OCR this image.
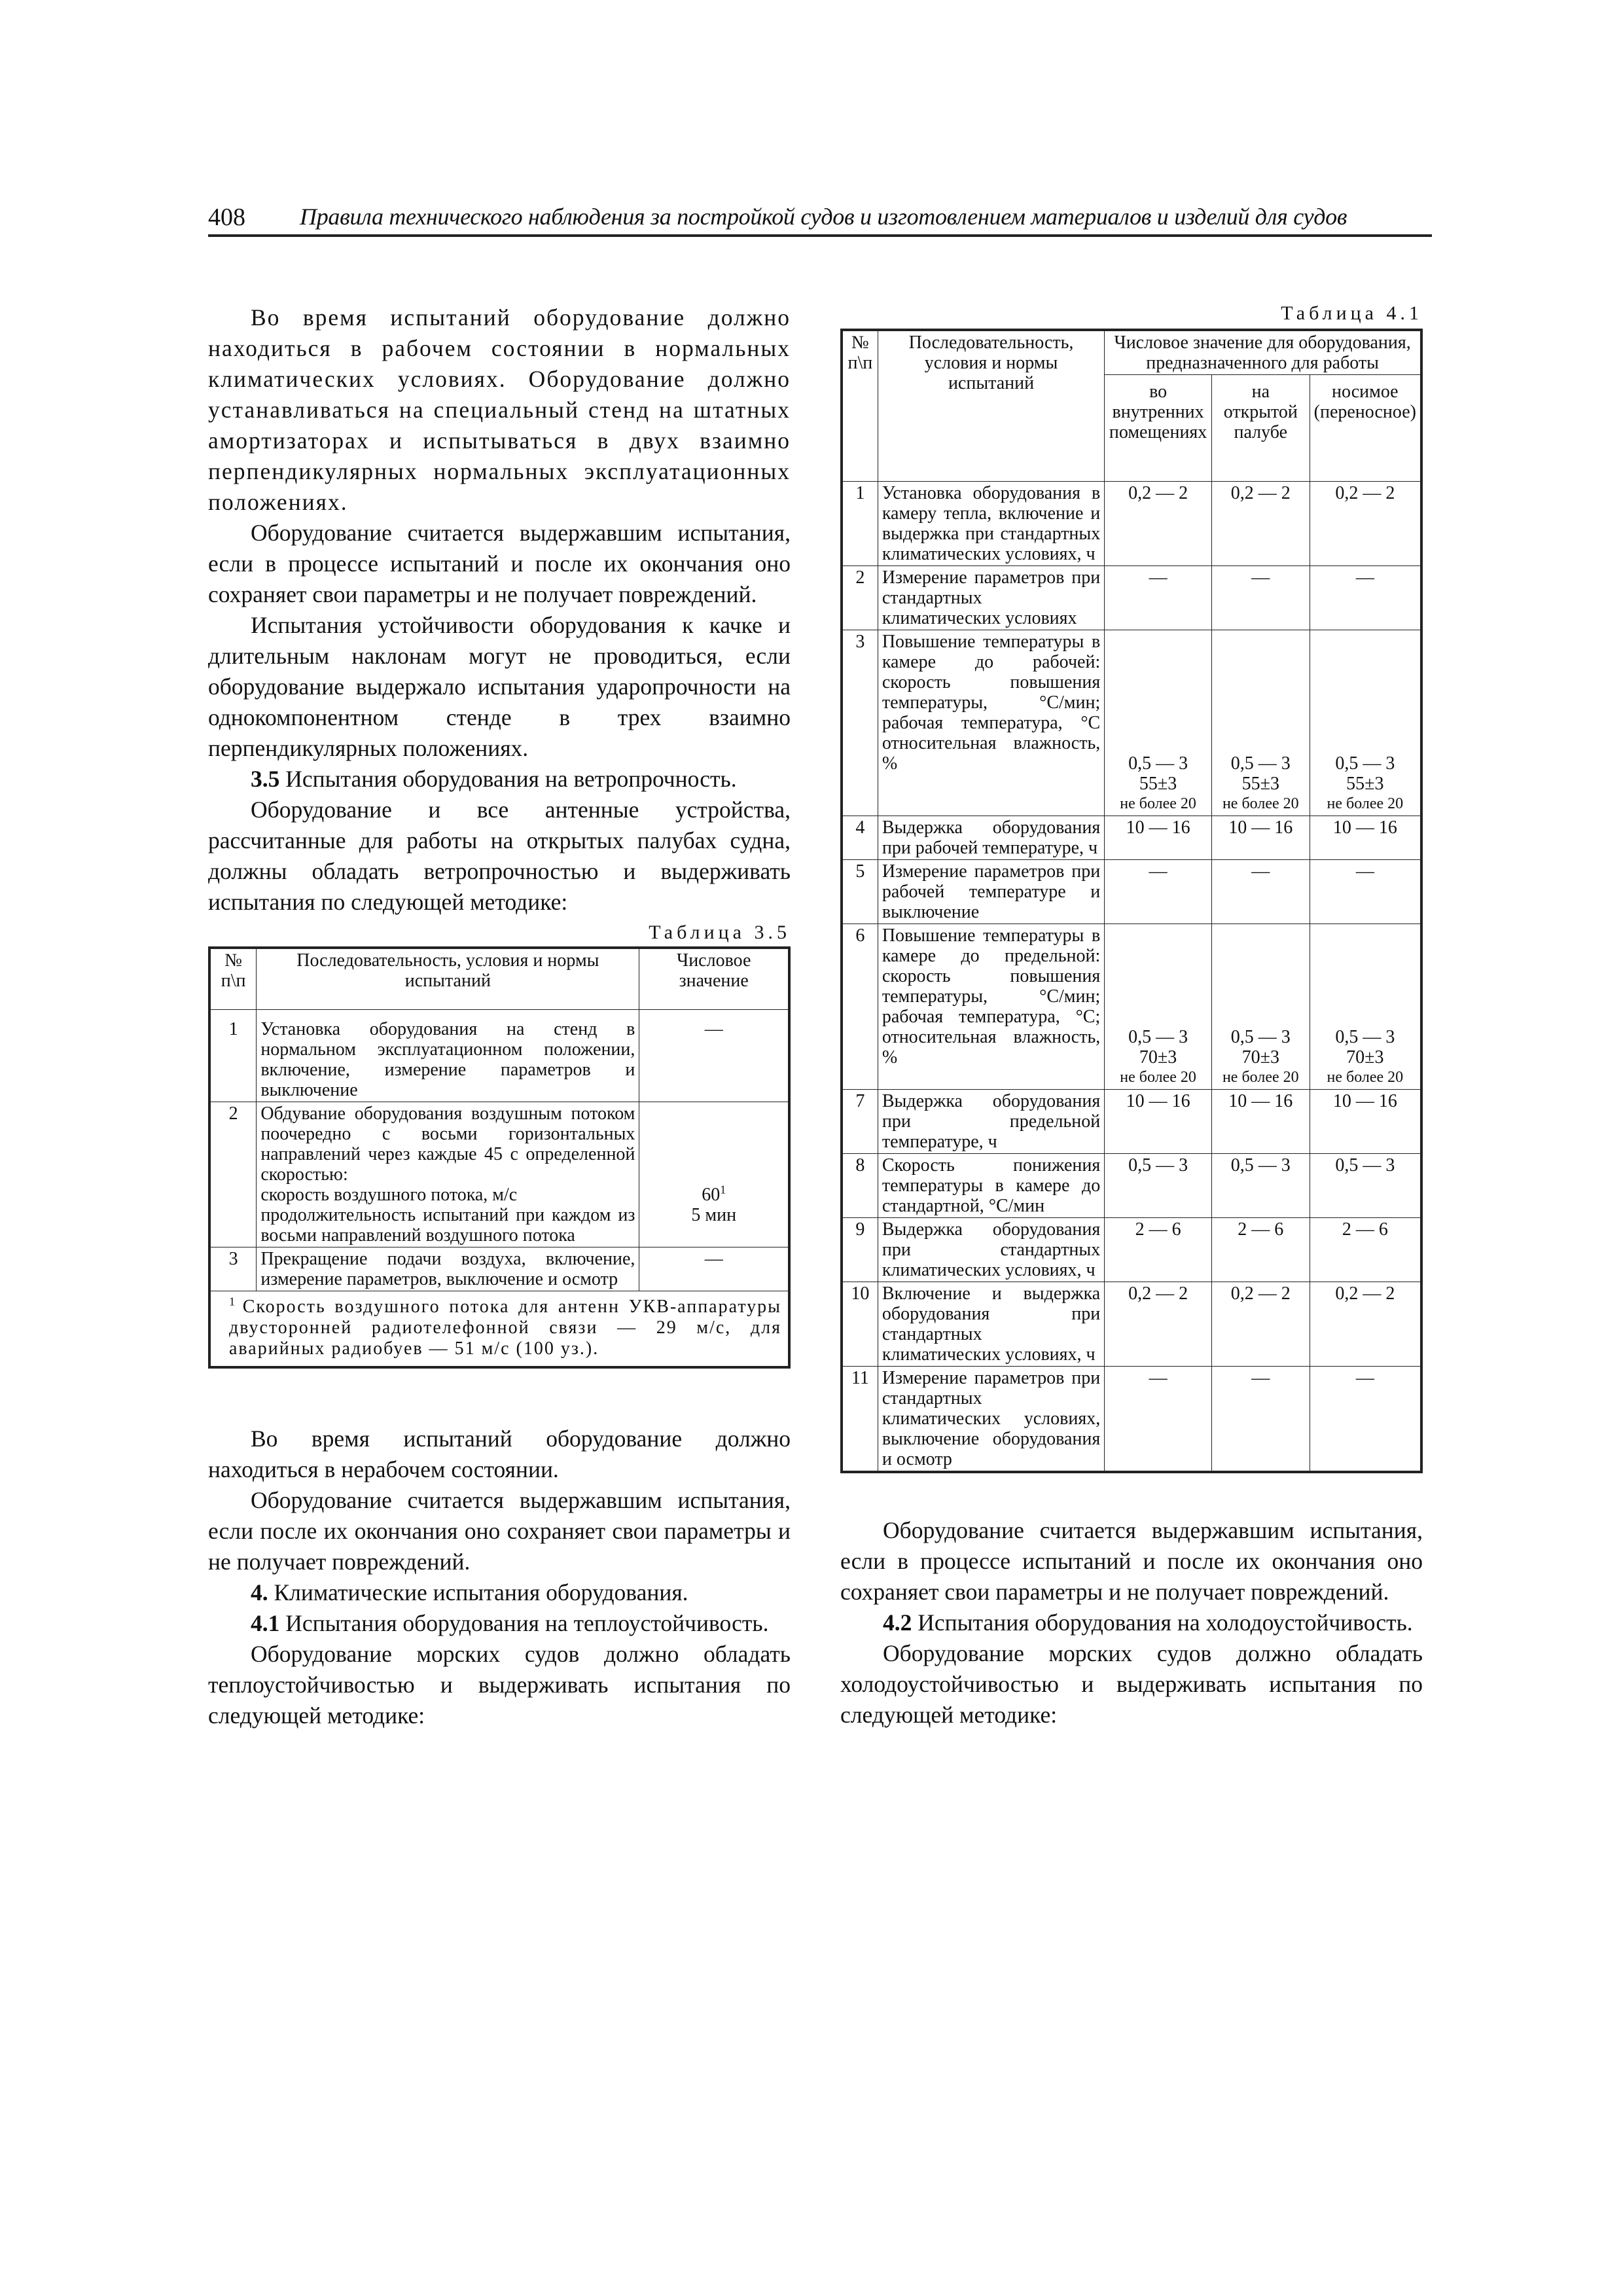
408 Правила технического наблюдения за постройкой судов и изготовлением материалов и изделий для судов

Во время испытаний оборудование должно находиться в рабочем состоянии в нормальных климатических условиях. Оборудование должно устанавливаться на специальный стенд на штатных амортизаторах и испытываться в двух взаимно перпендикулярных нормальных эксплуатационных положениях.

Оборудование считается выдержавшим испытания, если в процессе испытаний и после их окончания оно сохраняет свои параметры и не получает повреждений.

Испытания устойчивости оборудования к качке и длительным наклонам могут не проводиться, если оборудование выдержало испытания ударопрочности на однокомпонентном стенде в трех взаимно перпендикулярных положениях.

3.5 Испытания оборудования на ветропрочность.

Оборудование и все антенные устройства, рассчитанные для работы на открытых палубах судна, должны обладать ветропрочностью и выдерживать испытания по следующей методике:

Таблица 3.5

№ п\п	Последовательность, условия и нормы испытаний	Числовое значение
1	Установка оборудования на стенд в нормальном эксплуатационном положении, включение, измерение параметров и выключение	—
2	Обдувание оборудования воздушным потоком поочередно с восьми горизонтальных направлений через каждые 45 с определенной скоростью:
скорость воздушного потока, м/с
продолжительность испытаний при каждом из восьми направлений воздушного потока	$60^1$
5 мин

3	Прекращение подачи воздуха, включение, измерение параметров, выключение и осмотр	—
$^1$ Скорость воздушного потока для антенн УКВ-аппаратуры двусторонней радиотелефонной связи — 29 м/с, для аварийных радиобуев — 51 м/с (100 уз.).		

Во время испытаний оборудование должно находиться в нерабочем состоянии.

Оборудование считается выдержавшим испытания, если после их окончания оно сохраняет свои параметры и не получает повреждений.

4. Климатические испытания оборудования.

4.1 Испытания оборудования на теплоустойчивость.

Оборудование морских судов должно обладать теплоустойчивостью и выдерживать испытания по следующей методике:

Таблица 4.1

№ п\п	Последовательность, условия и нормы испытаний	Числовое значение для оборудования, предназначенного для работы		
		во внутренних помещениях	на открытой палубе	носимое (переносное)
1	Установка оборудования в камеру тепла, включение и выдержка при стандартных климатических условиях, ч	0,2 — 2	0,2 — 2	0,2 — 2
2	Измерение параметров при стандартных климатических условиях	—	—	—
3	Повышение температуры в камере до рабочей: скорость повышения температуры, °С/мин; рабочая температура, °С относительная влажность, %	0,5 — 3
55±3
не более 20	0,5 — 3
55±3
не более 20	0,5 — 3
55±3
не более 20

4	Выдержка оборудования при рабочей температуре, ч	10 — 16	10 — 16	10 — 16
5	Измерение параметров при рабочей температуре и выключение	—	—	—
6	Повышение температуры в камере до предельной: скорость повышения температуры, °С/мин; рабочая температура, °С; относительная влажность, %	0,5 — 3
70±3
не более 20	0,5 — 3
70±3
не более 20	0,5 — 3
70±3
не более 20

7	Выдержка оборудования при предельной температуре, ч	10 — 16	10 — 16	10 — 16
8	Скорость понижения температуры в камере до стандартной, °С/мин	0,5 — 3	0,5 — 3	0,5 — 3
9	Выдержка оборудования при стандартных климатических условиях, ч	2 — 6	2 — 6	2 — 6
10	Включение и выдержка оборудования при стандартных климатических условиях, ч	0,2 — 2	0,2 — 2	0,2 — 2
11	Измерение параметров при стандартных климатических условиях, выключение оборудования и осмотр	—	—	—

Оборудование считается выдержавшим испытания, если в процессе испытаний и после их окончания оно сохраняет свои параметры и не получает повреждений.

4.2 Испытания оборудования на холодоустойчивость.

Оборудование морских судов должно обладать холодоустойчивостью и выдерживать испытания по следующей методике:
